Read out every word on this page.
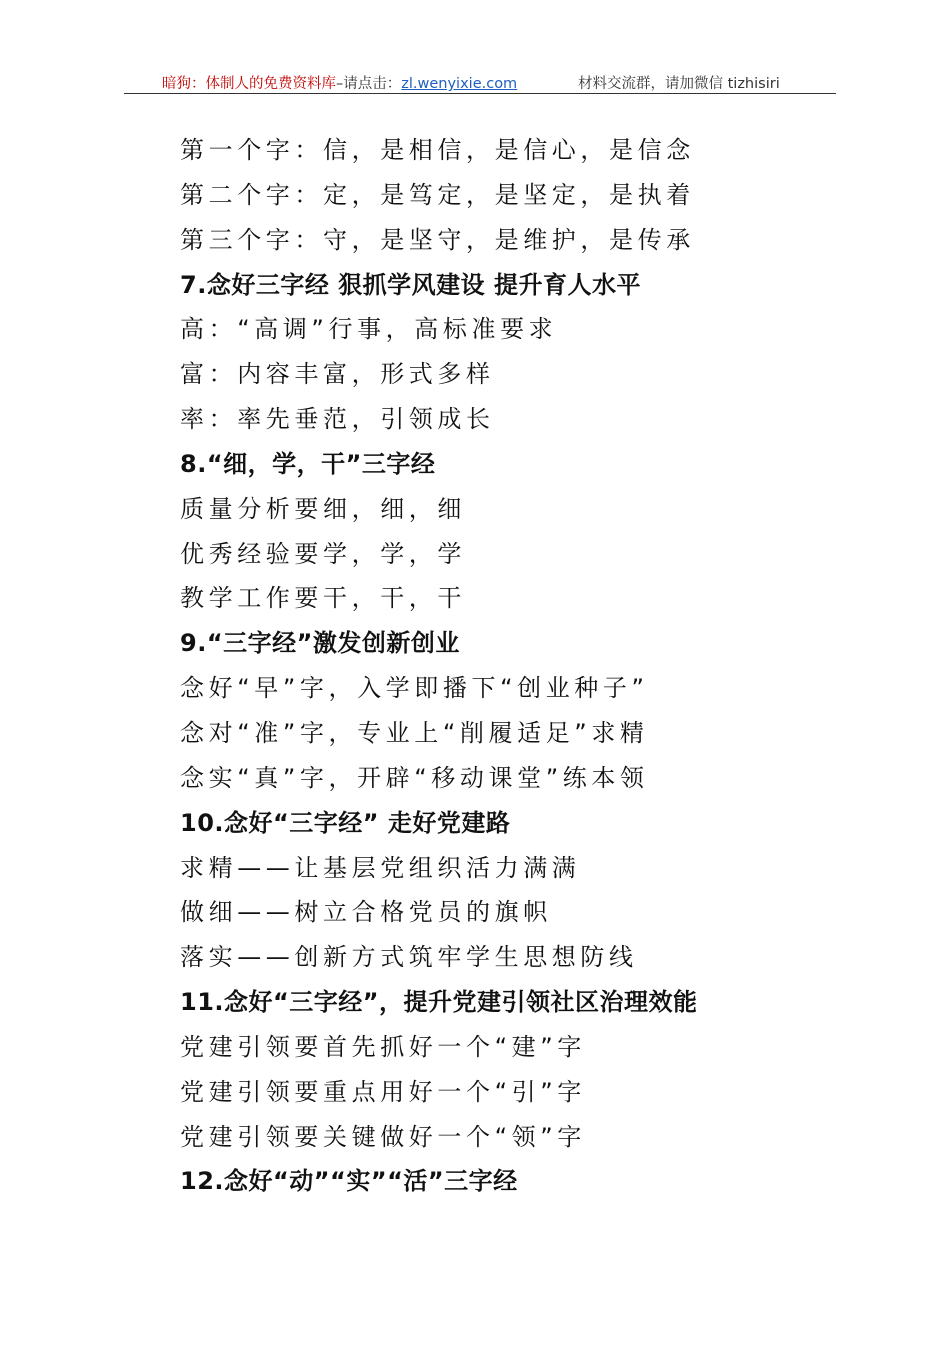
暗狗：体制人的免费资料库–请点击：zl.wenyixie.com	材料交流群，请加微信 tizhisiri
第一个字：信，是相信，是信心，是信念
第二个字：定，是笃定，是坚定，是执着
第三个字：守，是坚守，是维护，是传承
7.念好三字经 狠抓学风建设 提升育人水平
高：“高调”行事，高标准要求
富：内容丰富，形式多样
率：率先垂范，引领成长
8.“细，学，干”三字经
质量分析要细，细，细
优秀经验要学，学，学
教学工作要干，干，干
9.“三字经”激发创新创业
念好“早”字，入学即播下“创业种子”
念对“准”字，专业上“削履适足”求精
念实“真”字，开辟“移动课堂”练本领
10.念好“三字经” 走好党建路
求精——让基层党组织活力满满
做细——树立合格党员的旗帜
落实——创新方式筑牢学生思想防线
11.念好“三字经”，提升党建引领社区治理效能
党建引领要首先抓好一个“建”字
党建引领要重点用好一个“引”字
党建引领要关键做好一个“领”字
12.念好“动”“实”“活”三字经
